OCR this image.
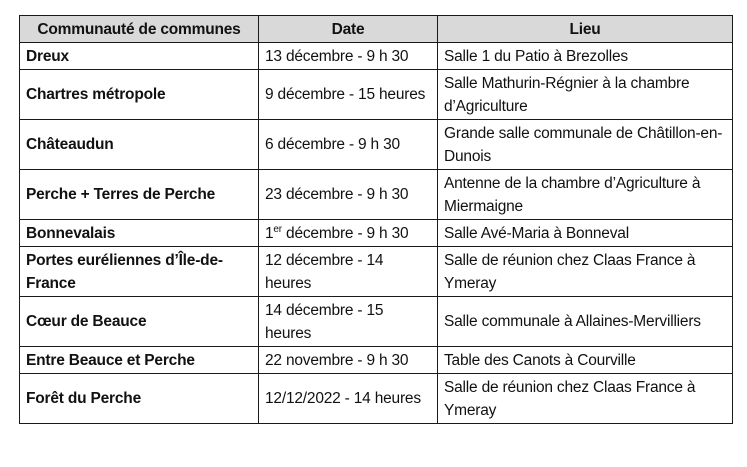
Communauté de communes	Date	Lieu
Dreux	13 décembre - 9 h 30	Salle 1 du Patio à Brezolles
Chartres métropole	9 décembre - 15 heures	Salle Mathurin-Régnier à la chambre d’Agriculture
Châteaudun	6 décembre - 9 h 30	Grande salle communale de Châtillon-en-Dunois
Perche + Terres de Perche	23 décembre - 9 h 30	Antenne de la chambre d’Agriculture à Miermaigne
Bonnevalais	1er décembre - 9 h 30	Salle Avé-Maria à Bonneval
Portes euréliennes d’Île-de-France	12 décembre - 14 heures	Salle de réunion chez Claas France à Ymeray
Cœur de Beauce	14 décembre - 15 heures	Salle communale à Allaines-Mervilliers
Entre Beauce et Perche	22 novembre - 9 h 30	Table des Canots à Courville
Forêt du Perche	12/12/2022 - 14 heures	Salle de réunion chez Claas France à Ymeray
